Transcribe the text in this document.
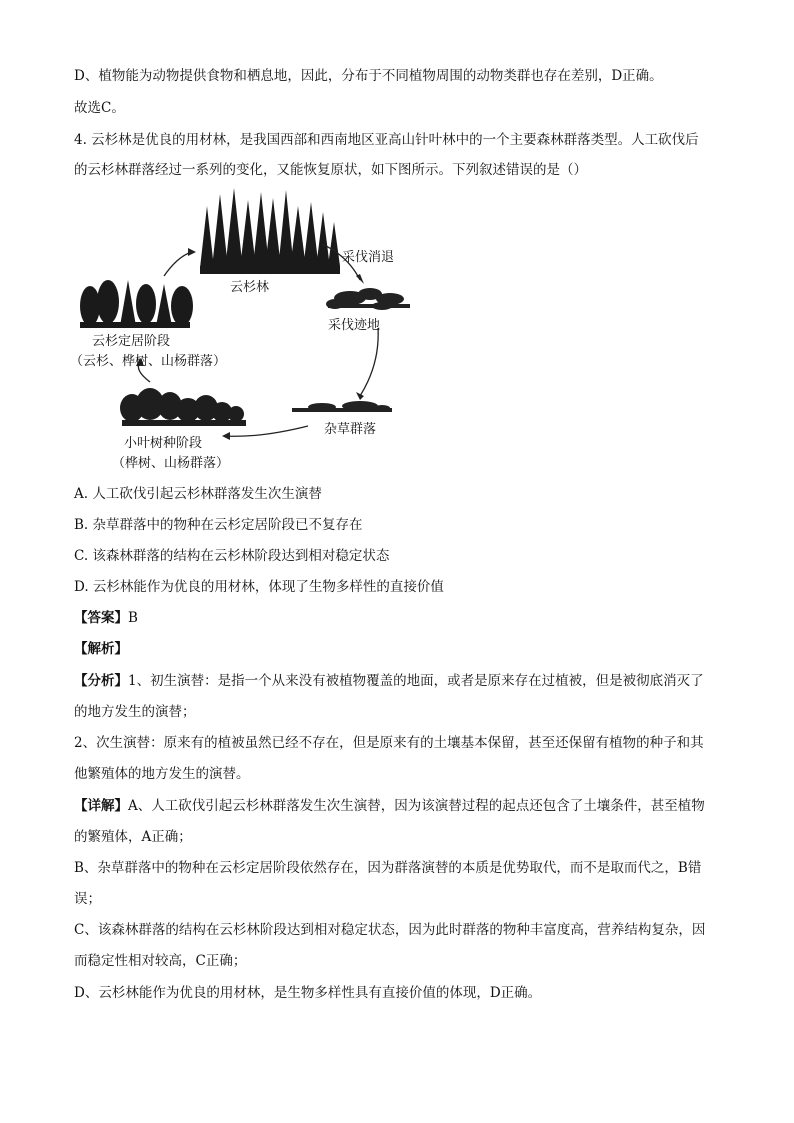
D、植物能为动物提供食物和栖息地，因此，分布于不同植物周围的动物类群也存在差别，D正确。
故选C。
4. 云杉林是优良的用材林，是我国西部和西南地区亚高山针叶林中的一个主要森林群落类型。人工砍伐后
的云杉林群落经过一系列的变化，又能恢复原状，如下图所示。下列叙述错误的是（）
云杉林
采伐消退
采伐迹地
杂草群落
小叶树种阶段
（桦树、山杨群落）
云杉定居阶段
（云杉、桦树、山杨群落）
A. 人工砍伐引起云杉林群落发生次生演替
B. 杂草群落中的物种在云杉定居阶段已不复存在
C. 该森林群落的结构在云杉林阶段达到相对稳定状态
D. 云杉林能作为优良的用材林，体现了生物多样性的直接价值
【答案】B
【解析】
【分析】1、初生演替：是指一个从来没有被植物覆盖的地面，或者是原来存在过植被，但是被彻底消灭了
的地方发生的演替；
2、次生演替：原来有的植被虽然已经不存在，但是原来有的土壤基本保留，甚至还保留有植物的种子和其
他繁殖体的地方发生的演替。
【详解】A、人工砍伐引起云杉林群落发生次生演替，因为该演替过程的起点还包含了土壤条件，甚至植物
的繁殖体，A正确；
B、杂草群落中的物种在云杉定居阶段依然存在，因为群落演替的本质是优势取代，而不是取而代之，B错
误；
C、该森林群落的结构在云杉林阶段达到相对稳定状态，因为此时群落的物种丰富度高，营养结构复杂，因
而稳定性相对较高，C正确；
D、云杉林能作为优良的用材林，是生物多样性具有直接价值的体现，D正确。
